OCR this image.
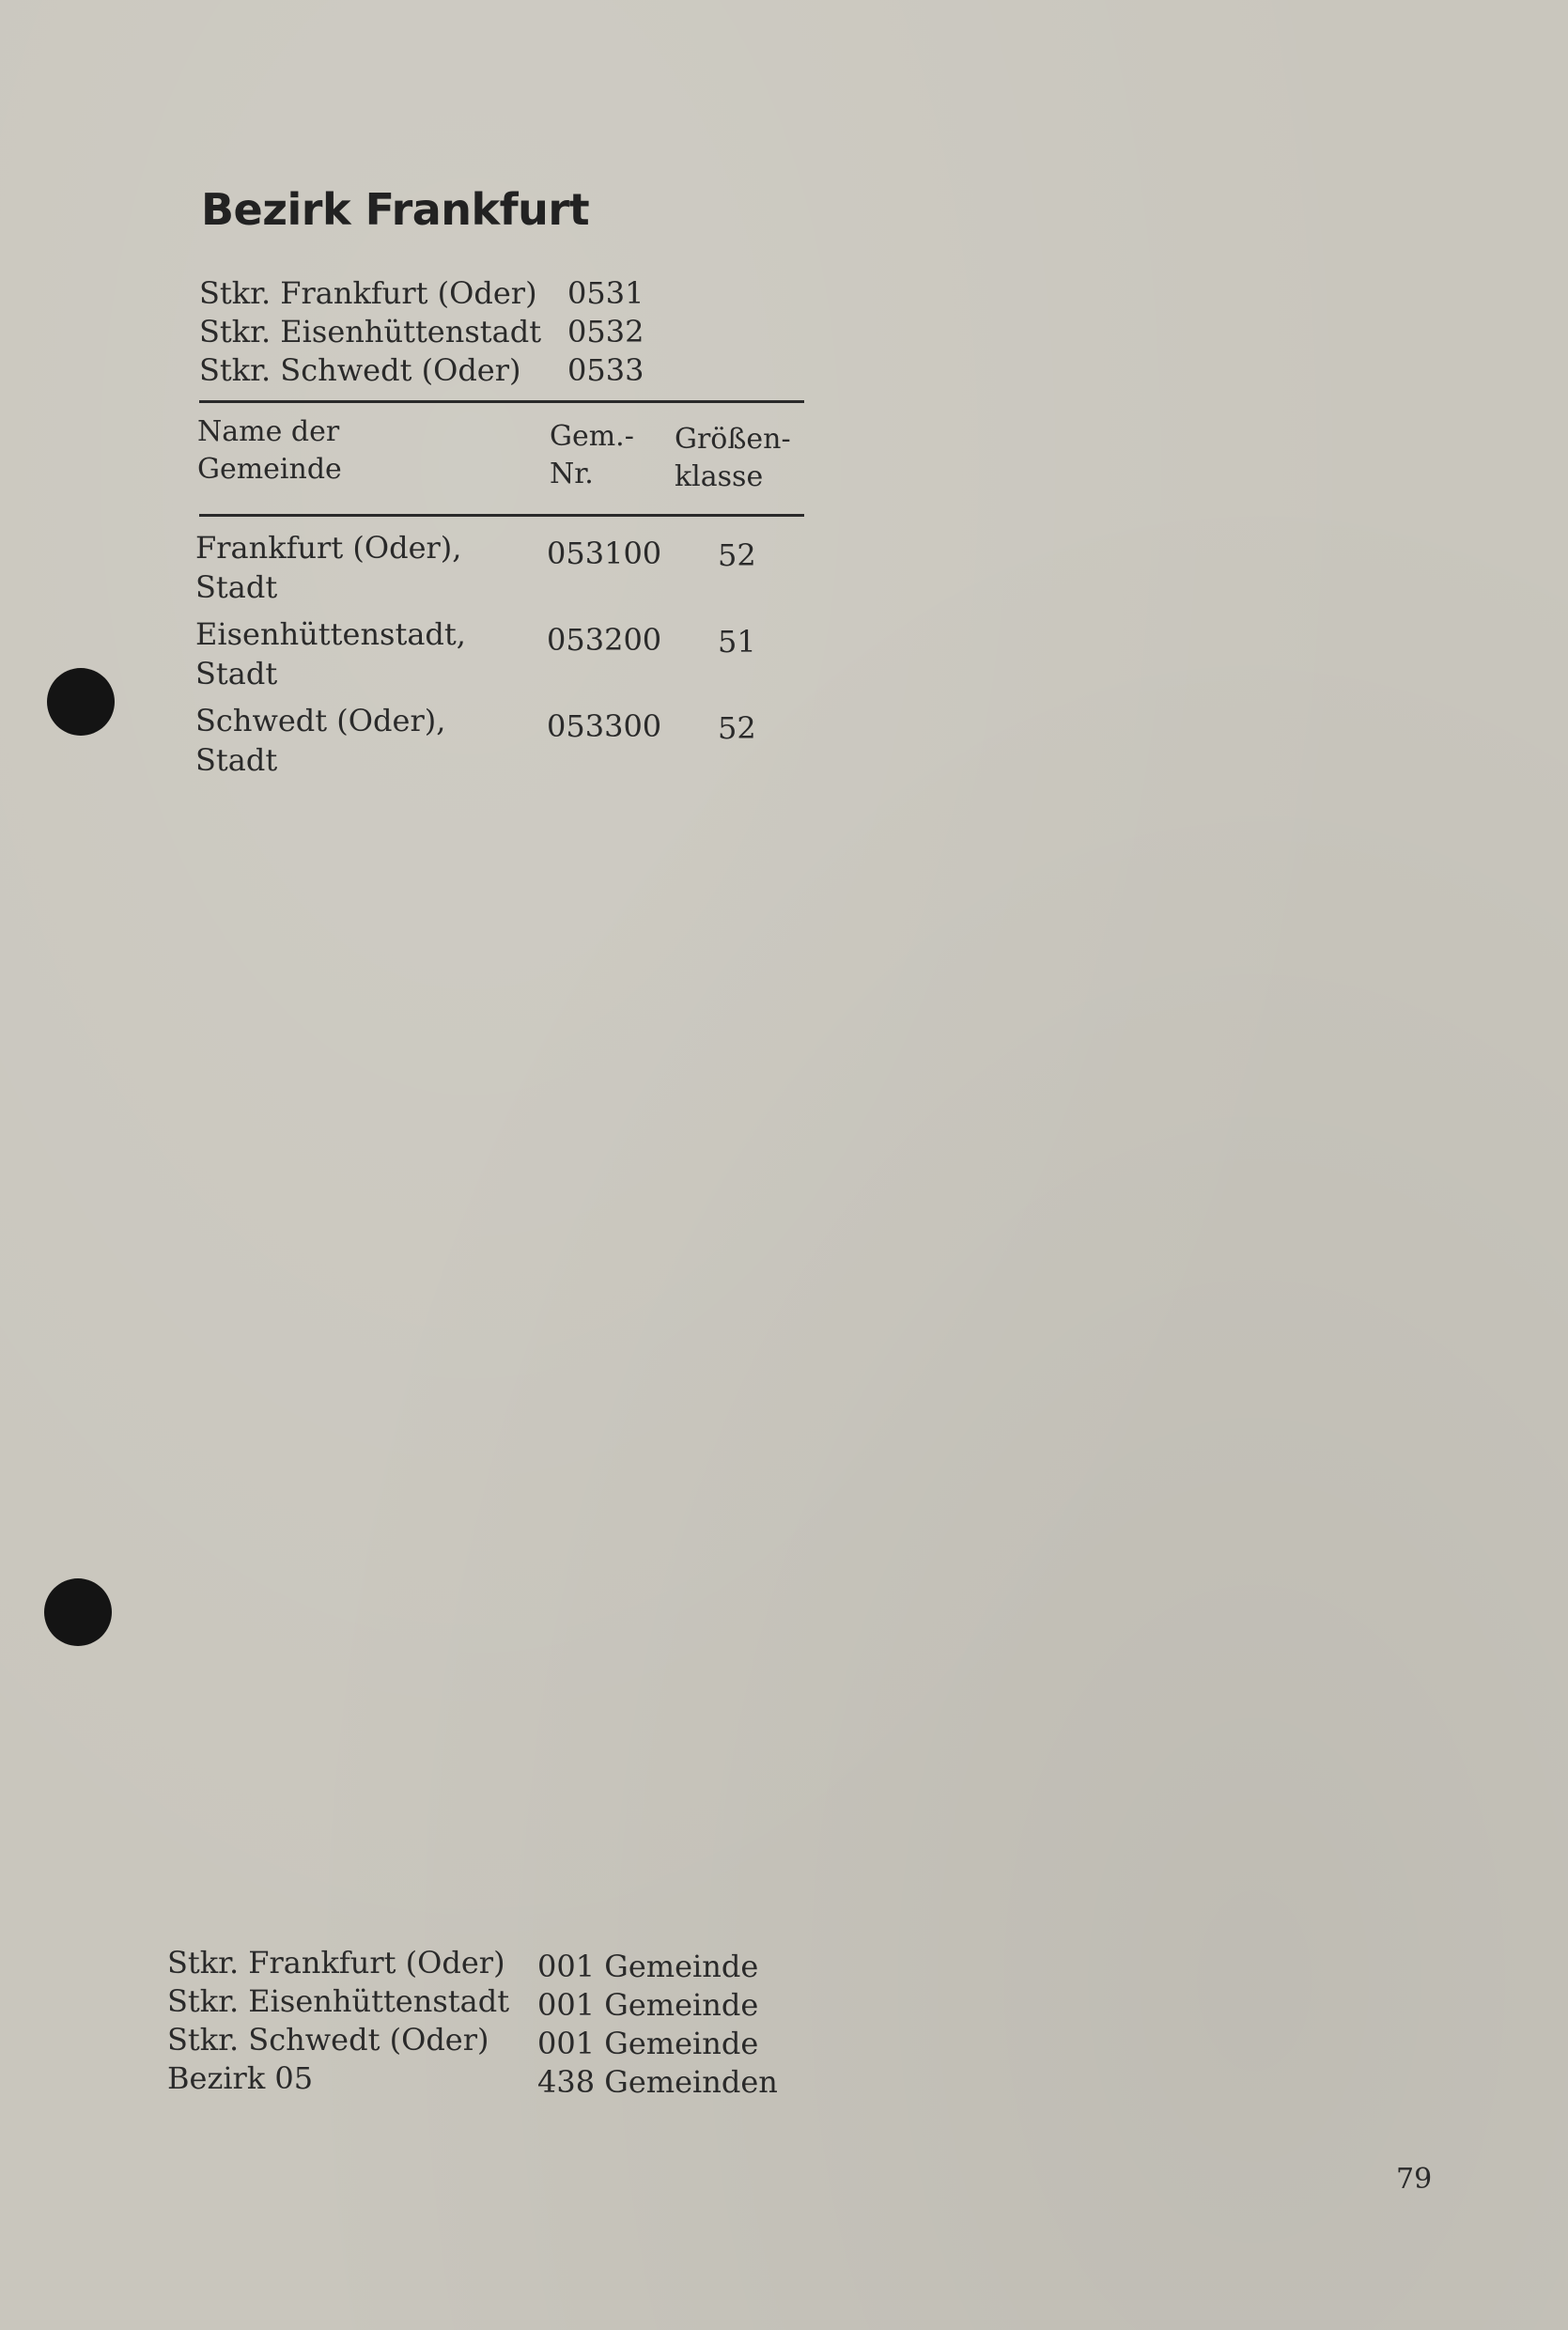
Bezirk Frankfurt
Stkr. Frankfurt (Oder) 0531
Stkr. Eisenhüttenstadt 0532
Stkr. Schwedt (Oder) 0533
Name der
Gemeinde
Gem.-
Nr.
Größen-
klasse
Frankfurt (Oder),
Stadt
053100 52
Eisenhüttenstadt,
Stadt
053200 51
Schwedt (Oder),
Stadt
053300 52
Stkr. Frankfurt (Oder) 001 Gemeinde
Stkr. Eisenhüttenstadt 001 Gemeinde
Stkr. Schwedt (Oder) 001 Gemeinde
Bezirk 05	438 Gemeinden
79
